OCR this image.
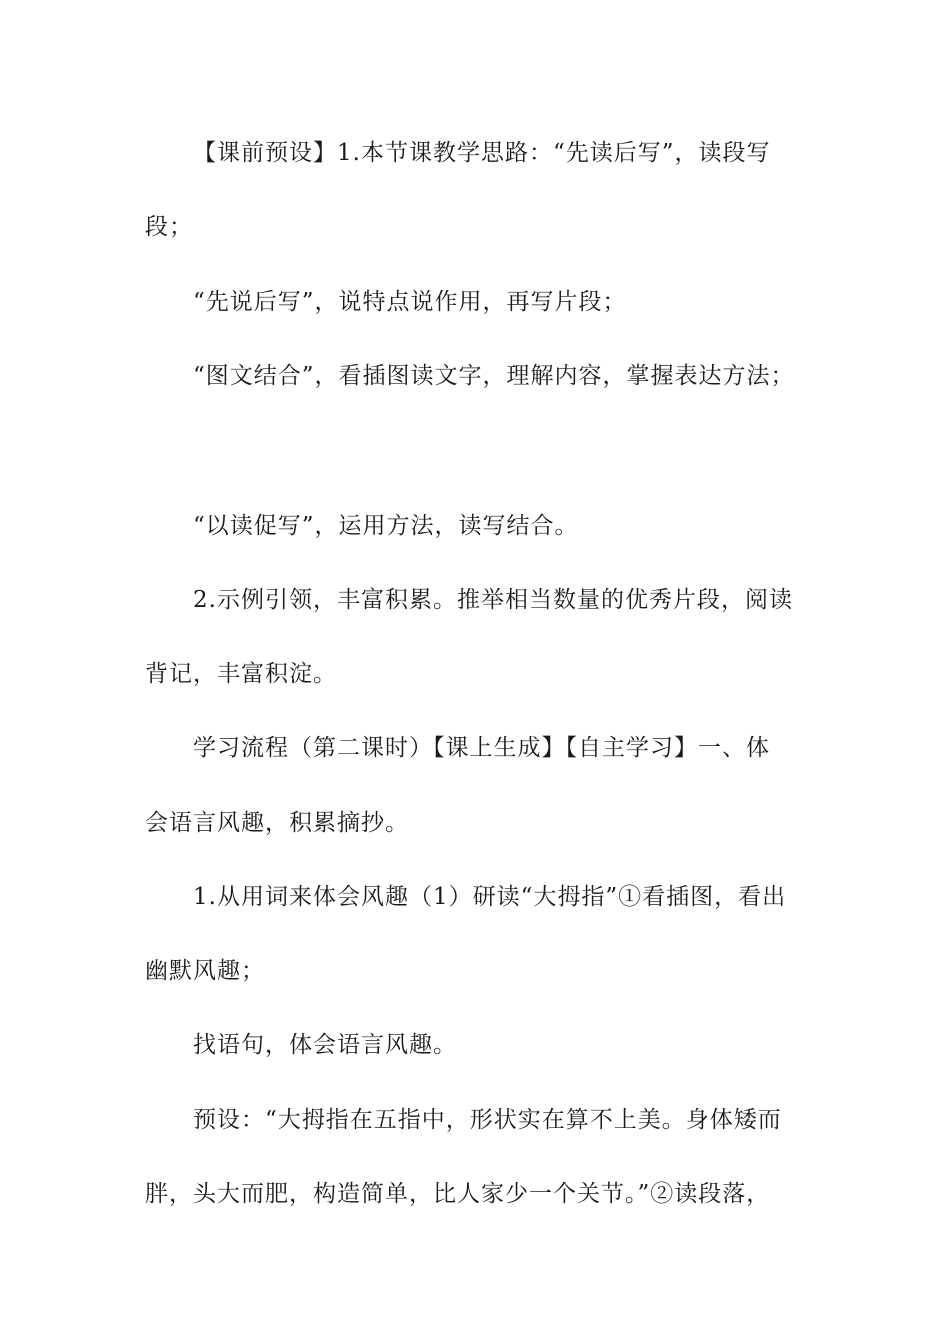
【课前预设】1.本节课教学思路：“先读后写”，读段写
段；
“先说后写”，说特点说作用，再写片段；
“图文结合”，看插图读文字，理解内容，掌握表达方法；
“以读促写”，运用方法，读写结合。
2.示例引领，丰富积累。推举相当数量的优秀片段，阅读
背记，丰富积淀。
学习流程（第二课时）【课上生成】【自主学习】一、体
会语言风趣，积累摘抄。
1.从用词来体会风趣（1）研读“大拇指”①看插图，看出
幽默风趣；
找语句，体会语言风趣。
预设：“大拇指在五指中，形状实在算不上美。身体矮而
胖，头大而肥，构造简单，比人家少一个关节。”②读段落，
